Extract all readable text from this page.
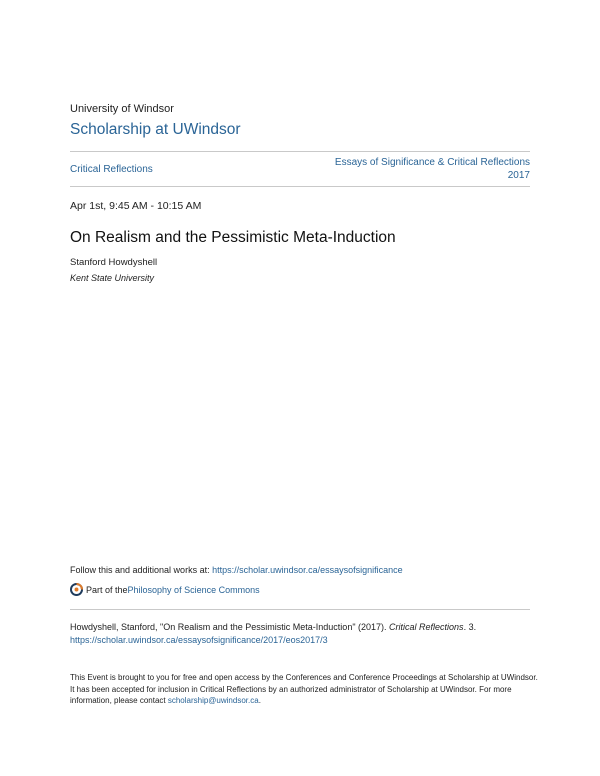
University of Windsor
Scholarship at UWindsor
Critical Reflections
Essays of Significance & Critical Reflections
2017
Apr 1st, 9:45 AM - 10:15 AM
On Realism and the Pessimistic Meta-Induction
Stanford Howdyshell
Kent State University
Follow this and additional works at: https://scholar.uwindsor.ca/essaysofsignificance
Part of the Philosophy of Science Commons
Howdyshell, Stanford, "On Realism and the Pessimistic Meta-Induction" (2017). Critical Reflections. 3.
https://scholar.uwindsor.ca/essaysofsignificance/2017/eos2017/3
This Event is brought to you for free and open access by the Conferences and Conference Proceedings at Scholarship at UWindsor. It has been accepted for inclusion in Critical Reflections by an authorized administrator of Scholarship at UWindsor. For more information, please contact scholarship@uwindsor.ca.
